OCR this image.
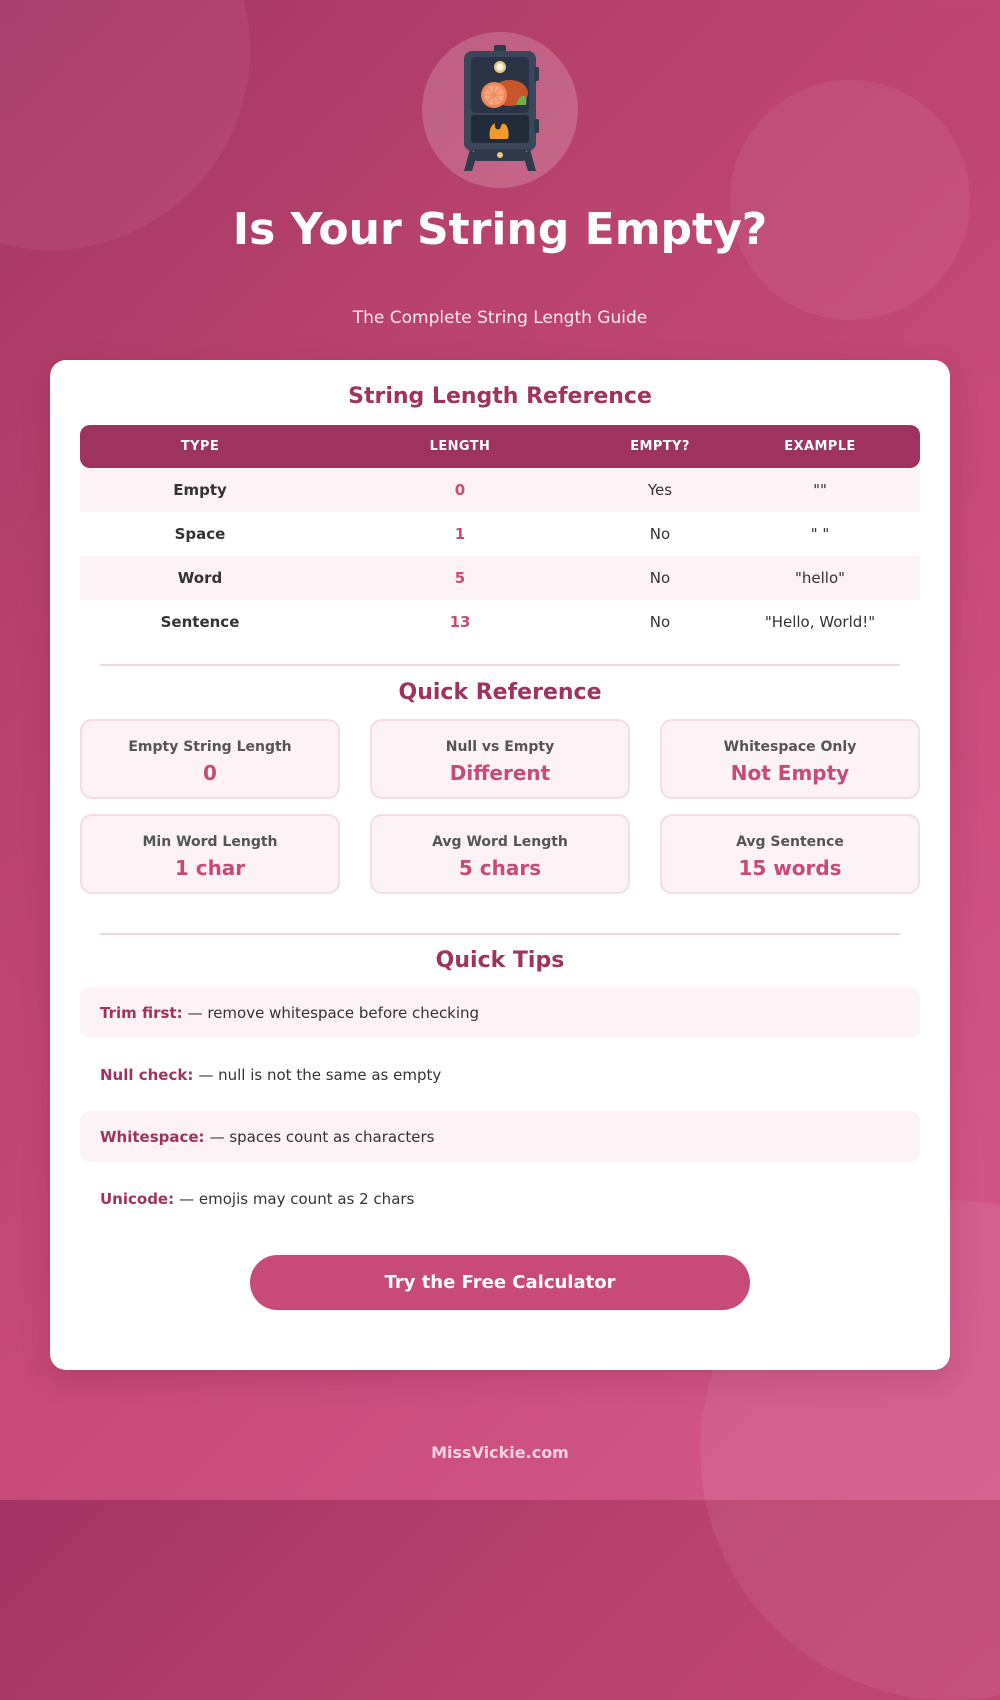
Is Your String Empty?

The Complete String Length Guide

String Length Reference
TYPE	LENGTH	EMPTY?	EXAMPLE
Empty	0	Yes	""
Space	1	No	" "
Word	5	No	"hello"
Sentence	13	No	"Hello, World!"
Quick Reference
Empty String Length
0
Null vs Empty
Different
Whitespace Only
Not Empty
Min Word Length
1 char
Avg Word Length
5 chars
Avg Sentence
15 words
Quick Tips
Trim first: — remove whitespace before checking
Null check: — null is not the same as empty
Whitespace: — spaces count as characters
Unicode: — emojis may count as 2 chars
Try the Free Calculator
MissVickie.com
